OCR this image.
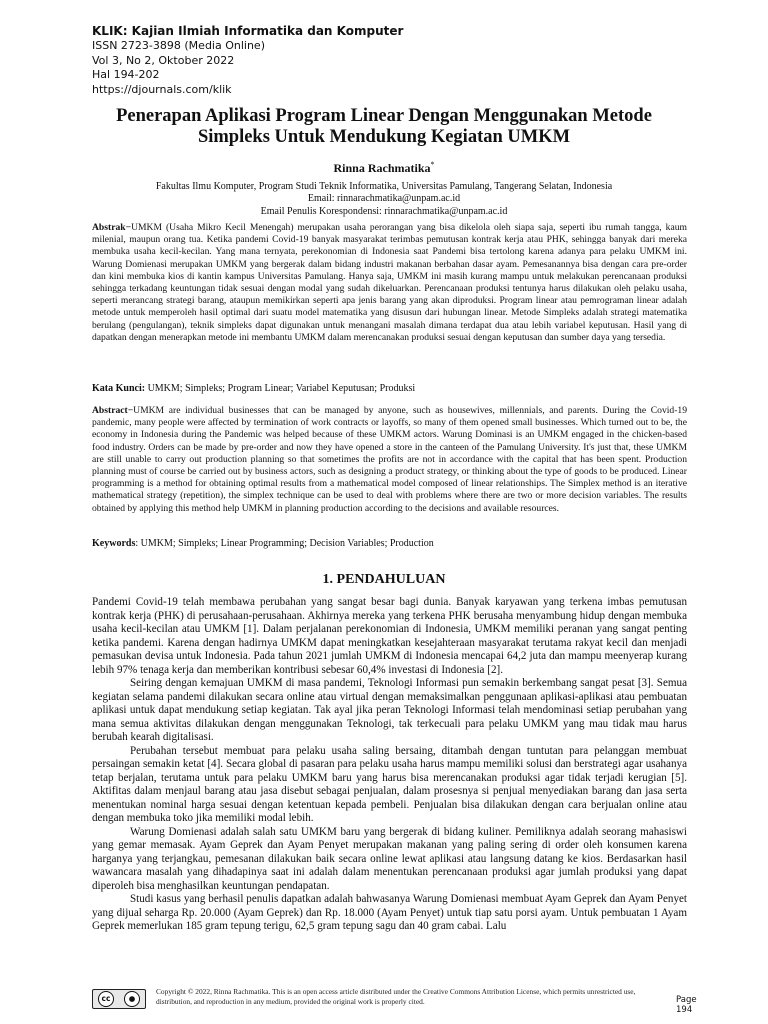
KLIK: Kajian Ilmiah Informatika dan Komputer
ISSN 2723-3898 (Media Online)
Vol 3, No 2, Oktober 2022
Hal 194-202
https://djournals.com/klik
Penerapan Aplikasi Program Linear Dengan Menggunakan Metode Simpleks Untuk Mendukung Kegiatan UMKM
Rinna Rachmatika*
Fakultas Ilmu Komputer, Program Studi Teknik Informatika, Universitas Pamulang, Tangerang Selatan, Indonesia
Email: rinnarachmatika@unpam.ac.id
Email Penulis Korespondensi: rinnarachmatika@unpam.ac.id
Abstrak−UMKM (Usaha Mikro Kecil Menengah) merupakan usaha perorangan yang bisa dikelola oleh siapa saja, seperti ibu rumah tangga, kaum milenial, maupun orang tua. Ketika pandemi Covid-19 banyak masyarakat terimbas pemutusan kontrak kerja atau PHK, sehingga banyak dari mereka membuka usaha kecil-kecilan. Yang mana ternyata, perekonomian di Indonesia saat Pandemi bisa tertolong karena adanya para pelaku UMKM ini. Warung Domienasi merupakan UMKM yang bergerak dalam bidang industri makanan berbahan dasar ayam. Pemesanannya bisa dengan cara pre-order dan kini membuka kios di kantin kampus Universitas Pamulang. Hanya saja, UMKM ini masih kurang mampu untuk melakukan perencanaan produksi sehingga terkadang keuntungan tidak sesuai dengan modal yang sudah dikeluarkan. Perencanaan produksi tentunya harus dilakukan oleh pelaku usaha, seperti merancang strategi barang, ataupun memikirkan seperti apa jenis barang yang akan diproduksi. Program linear atau pemrograman linear adalah metode untuk memperoleh hasil optimal dari suatu model matematika yang disusun dari hubungan linear. Metode Simpleks adalah strategi matematika berulang (pengulangan), teknik simpleks dapat digunakan untuk menangani masalah dimana terdapat dua atau lebih variabel keputusan. Hasil yang di dapatkan dengan menerapkan metode ini membantu UMKM dalam merencanakan produksi sesuai dengan keputusan dan sumber daya yang tersedia.
Kata Kunci: UMKM; Simpleks; Program Linear; Variabel Keputusan; Produksi
Abstract−UMKM are individual businesses that can be managed by anyone, such as housewives, millennials, and parents. During the Covid-19 pandemic, many people were affected by termination of work contracts or layoffs, so many of them opened small businesses. Which turned out to be, the economy in Indonesia during the Pandemic was helped because of these UMKM actors. Warung Dominasi is an UMKM engaged in the chicken-based food industry. Orders can be made by pre-order and now they have opened a store in the canteen of the Pamulang University. It's just that, these UMKM are still unable to carry out production planning so that sometimes the profits are not in accordance with the capital that has been spent. Production planning must of course be carried out by business actors, such as designing a product strategy, or thinking about the type of goods to be produced. Linear programming is a method for obtaining optimal results from a mathematical model composed of linear relationships. The Simplex method is an iterative mathematical strategy (repetition), the simplex technique can be used to deal with problems where there are two or more decision variables. The results obtained by applying this method help UMKM in planning production according to the decisions and available resources.
Keywords: UMKM; Simpleks; Linear Programming; Decision Variables; Production
1. PENDAHULUAN

Pandemi Covid-19 telah membawa perubahan yang sangat besar bagi dunia. Banyak karyawan yang terkena imbas pemutusan kontrak kerja (PHK) di perusahaan-perusahaan. Akhirnya mereka yang terkena PHK berusaha menyambung hidup dengan membuka usaha kecil-kecilan atau UMKM [1]. Dalam perjalanan perekonomian di Indonesia, UMKM memiliki peranan yang sangat penting ketika pandemi. Karena dengan hadirnya UMKM dapat meningkatkan kesejahteraan masyarakat terutama rakyat kecil dan menjadi pemasukan devisa untuk Indonesia. Pada tahun 2021 jumlah UMKM di Indonesia mencapai 64,2 juta dan mampu meenyerap kurang lebih 97% tenaga kerja dan memberikan kontribusi sebesar 60,4% investasi di Indonesia [2].

Seiring dengan kemajuan UMKM di masa pandemi, Teknologi Informasi pun semakin berkembang sangat pesat [3]. Semua kegiatan selama pandemi dilakukan secara online atau virtual dengan memaksimalkan penggunaan aplikasi-aplikasi atau pembuatan aplikasi untuk dapat mendukung setiap kegiatan. Tak ayal jika peran Teknologi Informasi telah mendominasi setiap perubahan yang mana semua aktivitas dilakukan dengan menggunakan Teknologi, tak terkecuali para pelaku UMKM yang mau tidak mau harus berubah kearah digitalisasi.

Perubahan tersebut membuat para pelaku usaha saling bersaing, ditambah dengan tuntutan para pelanggan membuat persaingan semakin ketat [4]. Secara global di pasaran para pelaku usaha harus mampu memiliki solusi dan berstrategi agar usahanya tetap berjalan, terutama untuk para pelaku UMKM baru yang harus bisa merencanakan produksi agar tidak terjadi kerugian [5]. Aktifitas dalam menjaul barang atau jasa disebut sebagai penjualan, dalam prosesnya si penjual menyediakan barang dan jasa serta menentukan nominal harga sesuai dengan ketentuan kepada pembeli. Penjualan bisa dilakukan dengan cara berjualan online atau dengan membuka toko jika memiliki modal lebih.

Warung Domienasi adalah salah satu UMKM baru yang bergerak di bidang kuliner. Pemiliknya adalah seorang mahasiswi yang gemar memasak. Ayam Geprek dan Ayam Penyet merupakan makanan yang paling sering di order oleh konsumen karena harganya yang terjangkau, pemesanan dilakukan baik secara online lewat aplikasi atau langsung datang ke kios. Berdasarkan hasil wawancara masalah yang dihadapinya saat ini adalah dalam menentukan perencanaan produksi agar jumlah produksi yang dapat diperoleh bisa menghasilkan keuntungan pendapatan.

Studi kasus yang berhasil penulis dapatkan adalah bahwasanya Warung Domienasi membuat Ayam Geprek dan Ayam Penyet yang dijual seharga Rp. 20.000 (Ayam Geprek) dan Rp. 18.000 (Ayam Penyet) untuk tiap satu porsi ayam. Untuk pembuatan 1 Ayam Geprek memerlukan 185 gram tepung terigu, 62,5 gram tepung sagu dan 40 gram cabai. Lalu

cc	●
Copyright © 2022, Rinna Rachmatika. This is an open access article distributed under the Creative Commons Attribution License, which permits unrestricted use, distribution, and reproduction in any medium, provided the original work is properly cited.	Page 194
